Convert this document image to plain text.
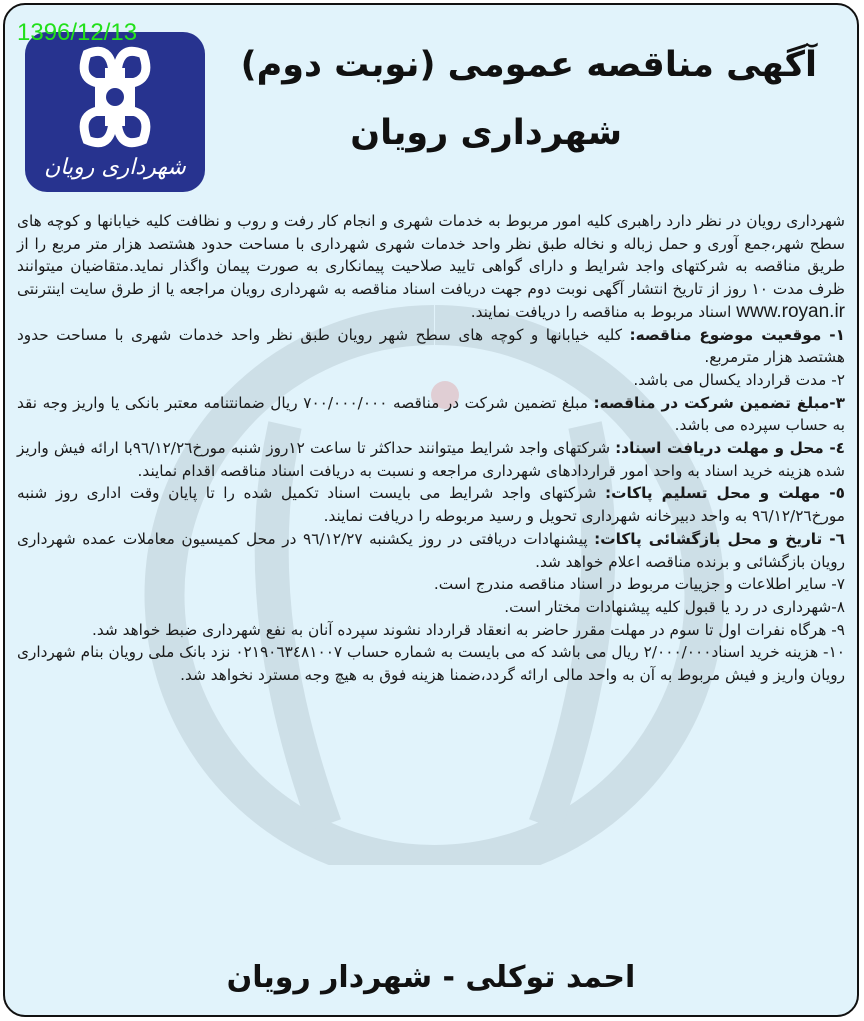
شهرداری رویان
1396/12/13
آگهی مناقصه عمومی (نوبت دوم)
شهرداری رویان

شهرداری رویان در نظر دارد راهبری کلیه امور مربوط به خدمات شهری و انجام کار رفت و روب و نظافت کلیه خیابانها و کوچه های سطح شهر،جمع آوری و حمل زباله و نخاله طبق نظر واحد خدمات شهری شهرداری با مساحت حدود هشتصد هزار متر مربع را از طریق مناقصه به شرکتهای واجد شرایط و دارای گواهی تایید صلاحیت پیمانکاری به صورت پیمان واگذار نماید.متقاضیان میتوانند ظرف مدت ۱۰ روز از تاریخ انتشار آگهی نوبت دوم جهت دریافت اسناد مناقصه به شهرداری رویان مراجعه یا از طرق سایت اینترنتی www.royan.ir اسناد مربوط به مناقصه را دریافت نمایند.

۱- موقعیت موضوع مناقصه: کلیه خیابانها و کوچه های سطح شهر رویان طبق نظر واحد خدمات شهری با مساحت حدود هشتصد هزار مترمربع.

۲- مدت قرارداد یکسال می باشد.

۳-مبلغ تضمین شرکت در مناقصه: مبلغ تضمین شرکت در مناقصه ۷۰۰/۰۰۰/۰۰۰ ریال ضمانتنامه معتبر بانکی یا واریز وجه نقد به حساب سپرده می باشد.

٤- محل و مهلت دریافت اسناد: شرکتهای واجد شرایط میتوانند حداکثر تا ساعت ۱۲روز شنبه مورخ۹٦/۱۲/۲٦با ارائه فیش واریز شده هزینه خرید اسناد به واحد امور قراردادهای شهرداری مراجعه و نسبت به دریافت اسناد مناقصه اقدام نمایند.

٥- مهلت و محل تسلیم پاکات: شرکتهای واجد شرایط می بایست اسناد تکمیل شده را تا پایان وقت اداری روز شنبه مورخ۹٦/۱۲/۲٦ به واحد دبیرخانه شهرداری تحویل و رسید مربوطه را دریافت نمایند.

٦- تاریخ و محل بازگشائی پاکات: پیشنهادات دریافتی در روز یکشنبه ۹٦/۱۲/۲۷ در محل کمیسیون معاملات عمده شهرداری رویان بازگشائی و برنده مناقصه اعلام خواهد شد.

۷- سایر اطلاعات و جزییات مربوط در اسناد مناقصه مندرج است.

۸-شهرداری در رد یا قبول کلیه پیشنهادات مختار است.

۹- هرگاه نفرات اول تا سوم در مهلت مقرر حاضر به انعقاد قرارداد نشوند سپرده آنان به نفع شهرداری ضبط خواهد شد.

۱۰- هزینه خرید اسناد۲/۰۰۰/۰۰۰ ریال می باشد که می بایست به شماره حساب ۰۲۱۹۰٦۳٤۸۱۰۰۷ نزد بانک ملی رویان بنام شهرداری رویان واریز و فیش مربوط به آن به واحد مالی ارائه گردد،ضمنا هزینه فوق به هیچ وجه مسترد نخواهد شد.

احمد توکلی - شهردار رویان
